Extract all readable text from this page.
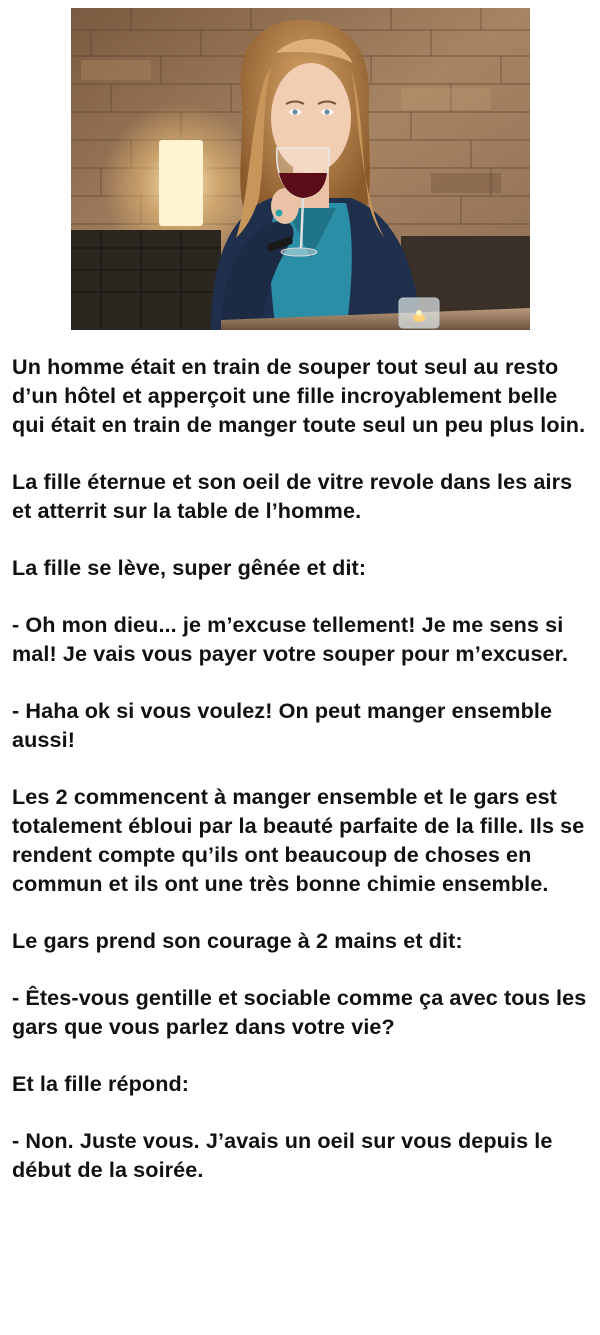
Un homme était en train de souper tout seul au resto d’un hôtel et apperçoit une fille incroyablement belle qui était en train de manger toute seul un peu plus loin.

La fille éternue et son oeil de vitre revole dans les airs et atterrit sur la table de l’homme.

La fille se lève, super gênée et dit:

- Oh mon dieu... je m’excuse tellement! Je me sens si mal! Je vais vous payer votre souper pour m’excuser.

- Haha ok si vous voulez! On peut manger ensemble aussi!

Les 2 commencent à manger ensemble et le gars est totalement ébloui par la beauté parfaite de la fille. Ils se rendent compte qu’ils ont beaucoup de choses en commun et ils ont une très bonne chimie ensemble.

Le gars prend son courage à 2 mains et dit:

- Êtes-vous gentille et sociable comme ça avec tous les gars que vous parlez dans votre vie?

Et la fille répond:

- Non. Juste vous. J’avais un oeil sur vous depuis le début de la soirée.
